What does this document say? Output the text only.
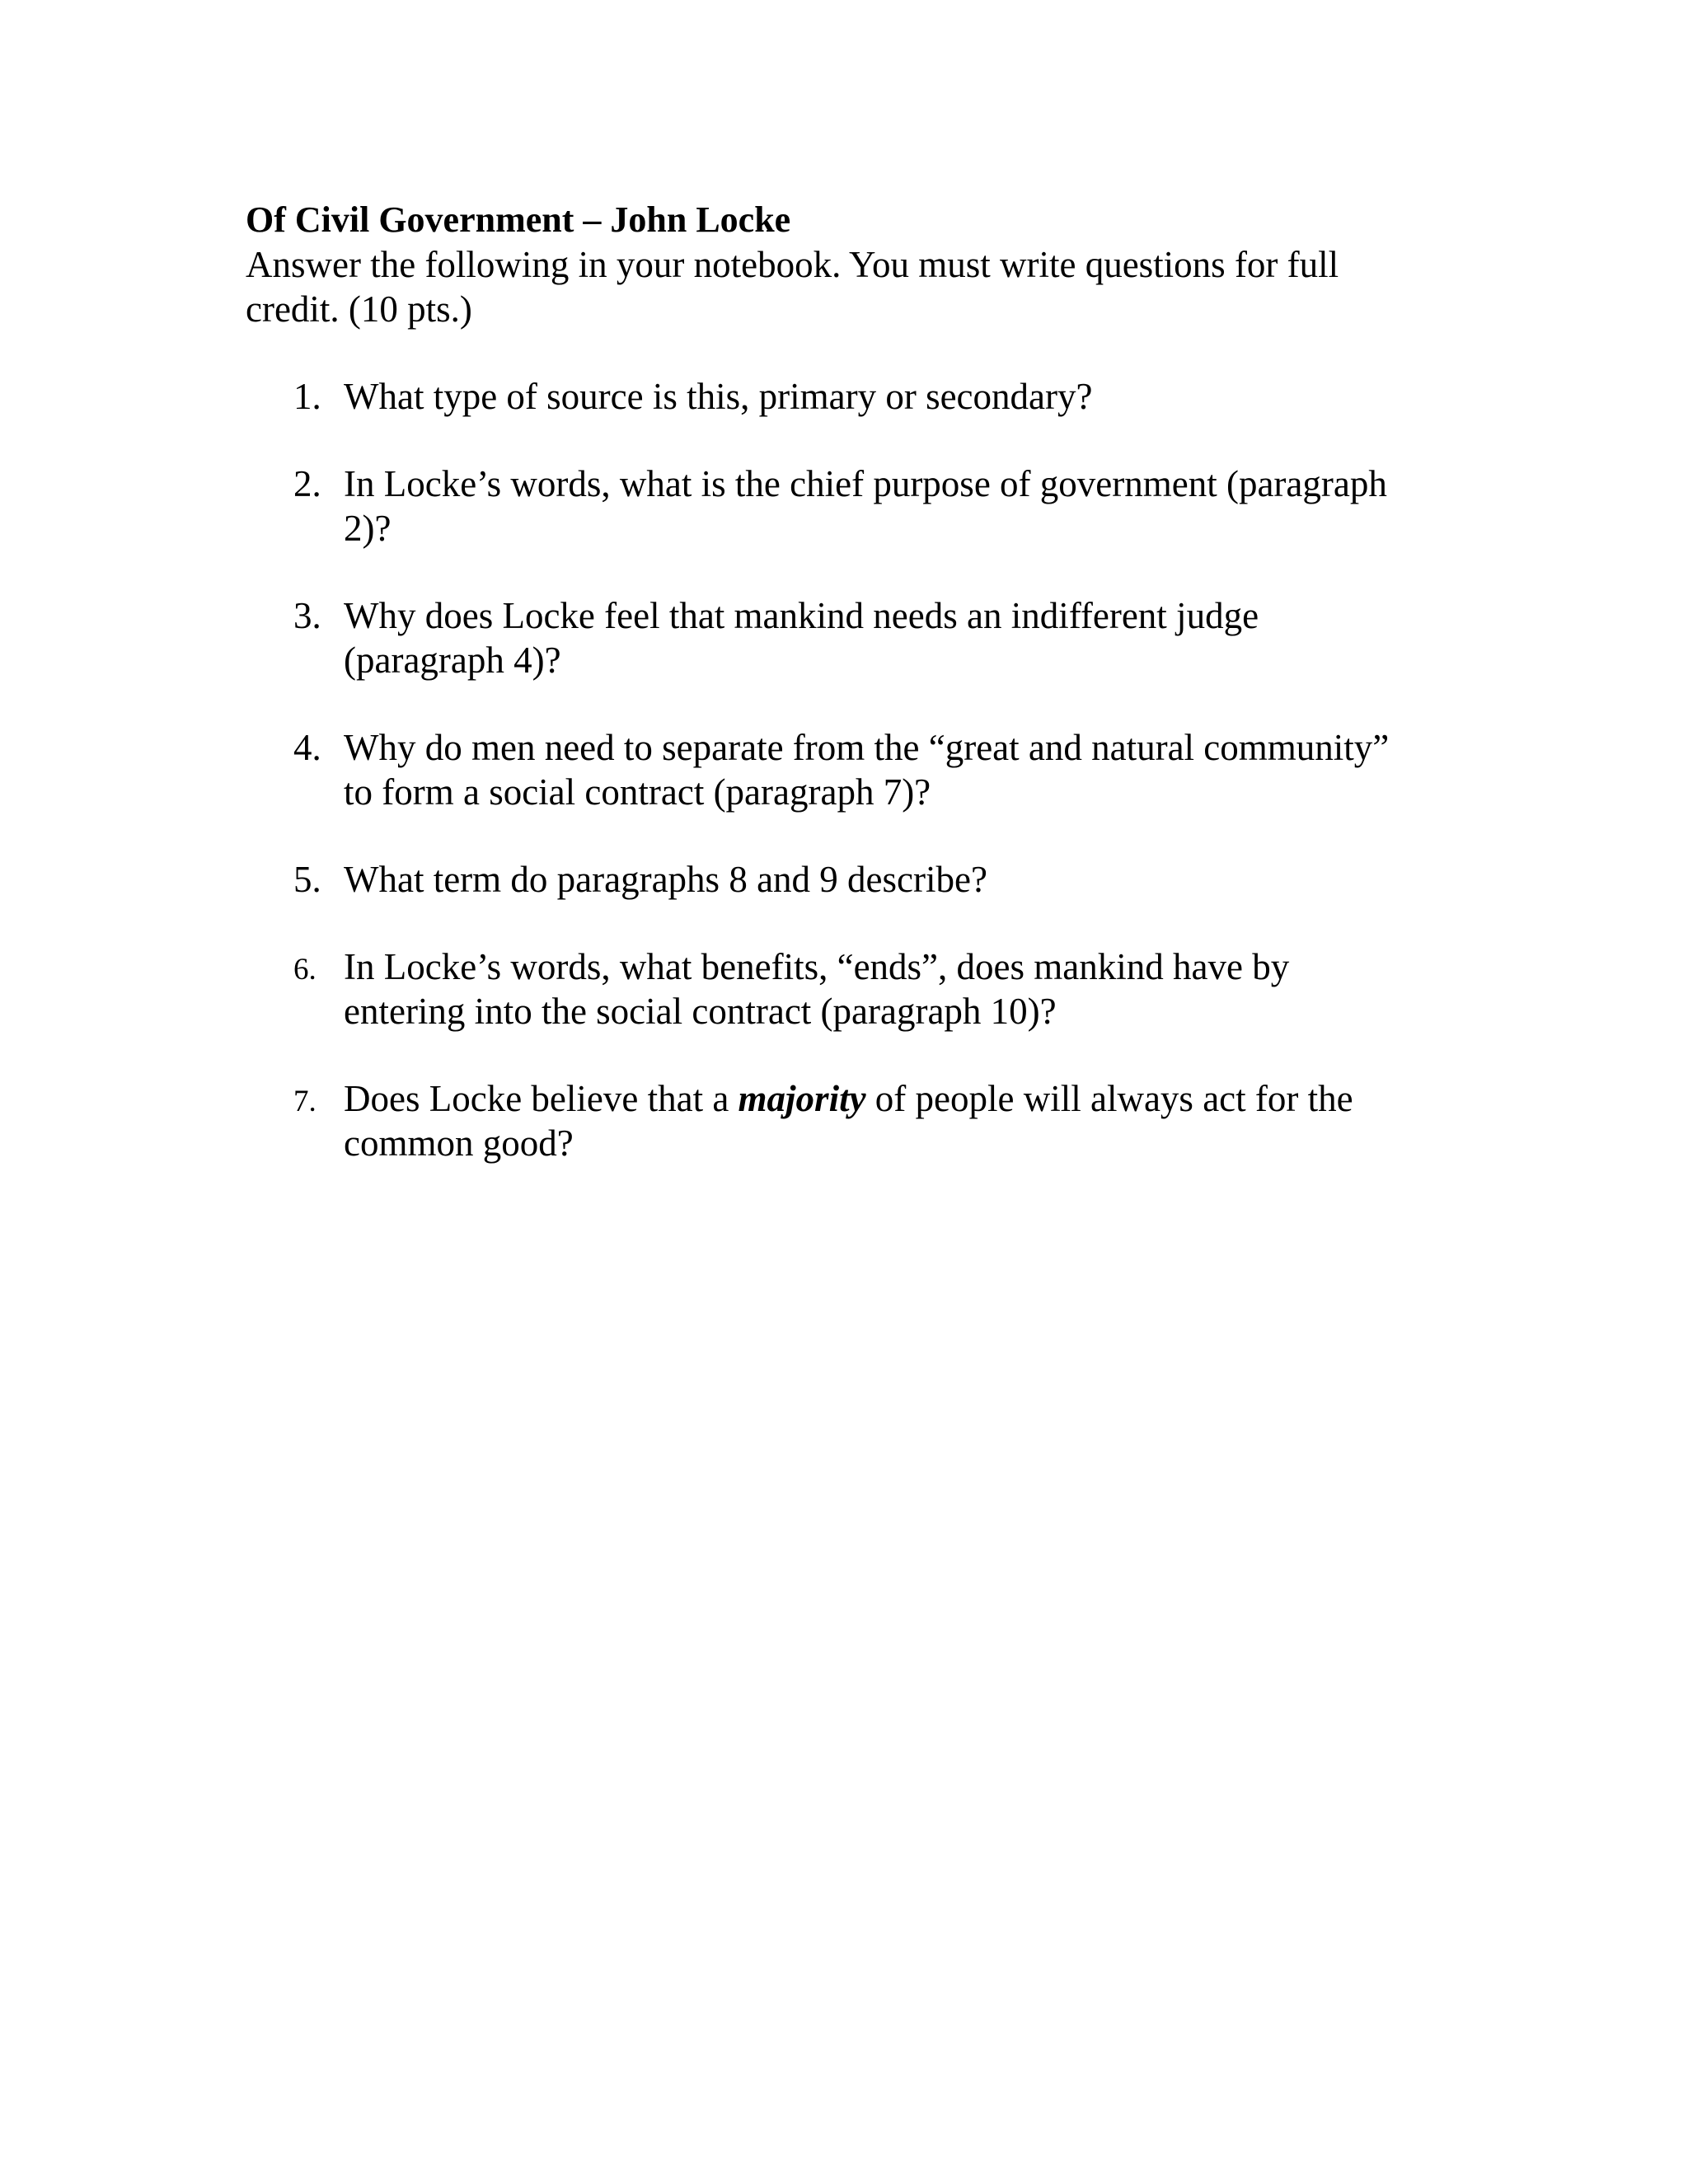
Of Civil Government – John Locke

Answer the following in your notebook. You must write questions for full
credit. (10 pts.)

1. What type of source is this, primary or secondary?
2. In Locke’s words, what is the chief purpose of government (paragraph
2)?
3. Why does Locke feel that mankind needs an indifferent judge
(paragraph 4)?
4. Why do men need to separate from the “great and natural community”
to form a social contract (paragraph 7)?
5. What term do paragraphs 8 and 9 describe?
6. In Locke’s words, what benefits, “ends”, does mankind have by
entering into the social contract (paragraph 10)?
7. Does Locke believe that a majority of people will always act for the
common good?
